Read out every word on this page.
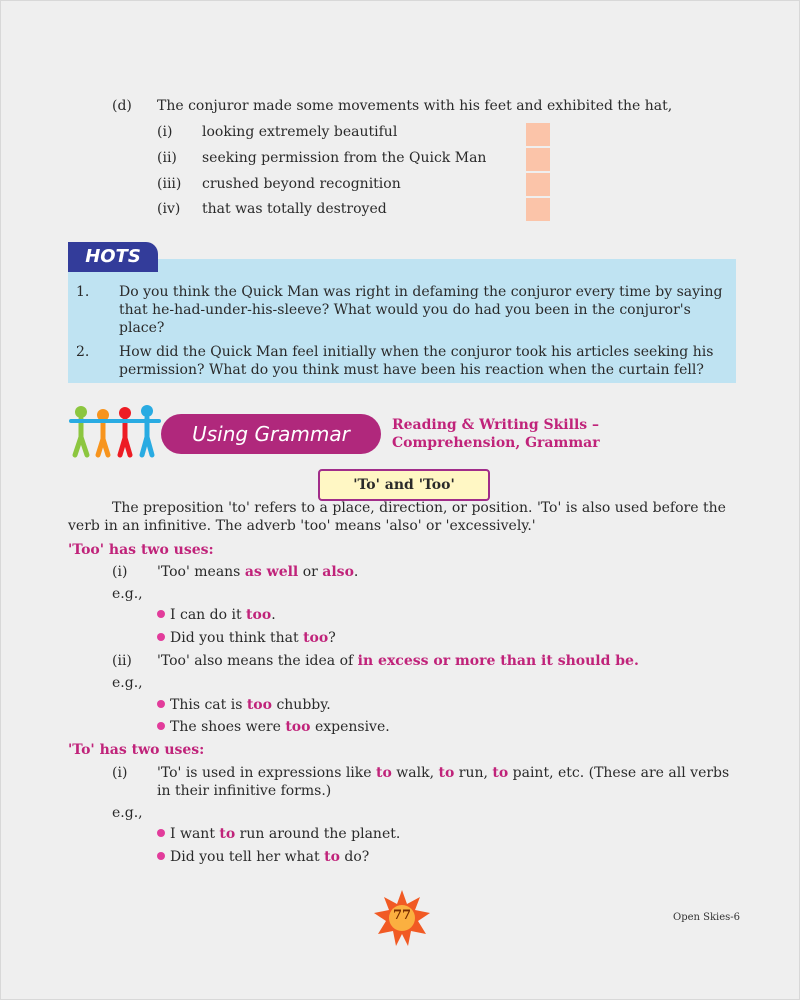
(d) The conjuror made some movements with his feet and exhibited the hat,
(i) looking extremely beautiful
(ii) seeking permission from the Quick Man
(iii) crushed beyond recognition
(iv) that was totally destroyed
HOTS
1. Do you think the Quick Man was right in defaming the conjuror every time by saying
that he-had-under-his-sleeve? What would you do had you been in the conjuror's
place?
2. How did the Quick Man feel initially when the conjuror took his articles seeking his
permission? What do you think must have been his reaction when the curtain fell?
Using Grammar	Reading & Writing Skills –
Comprehension, Grammar
'To' and 'Too'
The preposition 'to' refers to a place, direction, or position. 'To' is also used before the
verb in an infinitive. The adverb 'too' means 'also' or 'excessively.'
'Too' has two uses:
(i) 'Too' means as well or also.
e.g.,
I can do it too.
Did you think that too?
(ii) 'Too' also means the idea of in excess or more than it should be.
e.g.,
This cat is too chubby.
The shoes were too expensive.
'To' has two uses:
(i) 'To' is used in expressions like to walk, to run, to paint, etc. (These are all verbs
in their infinitive forms.)
e.g.,
I want to run around the planet.
Did you tell her what to do?
77	Open Skies-6
